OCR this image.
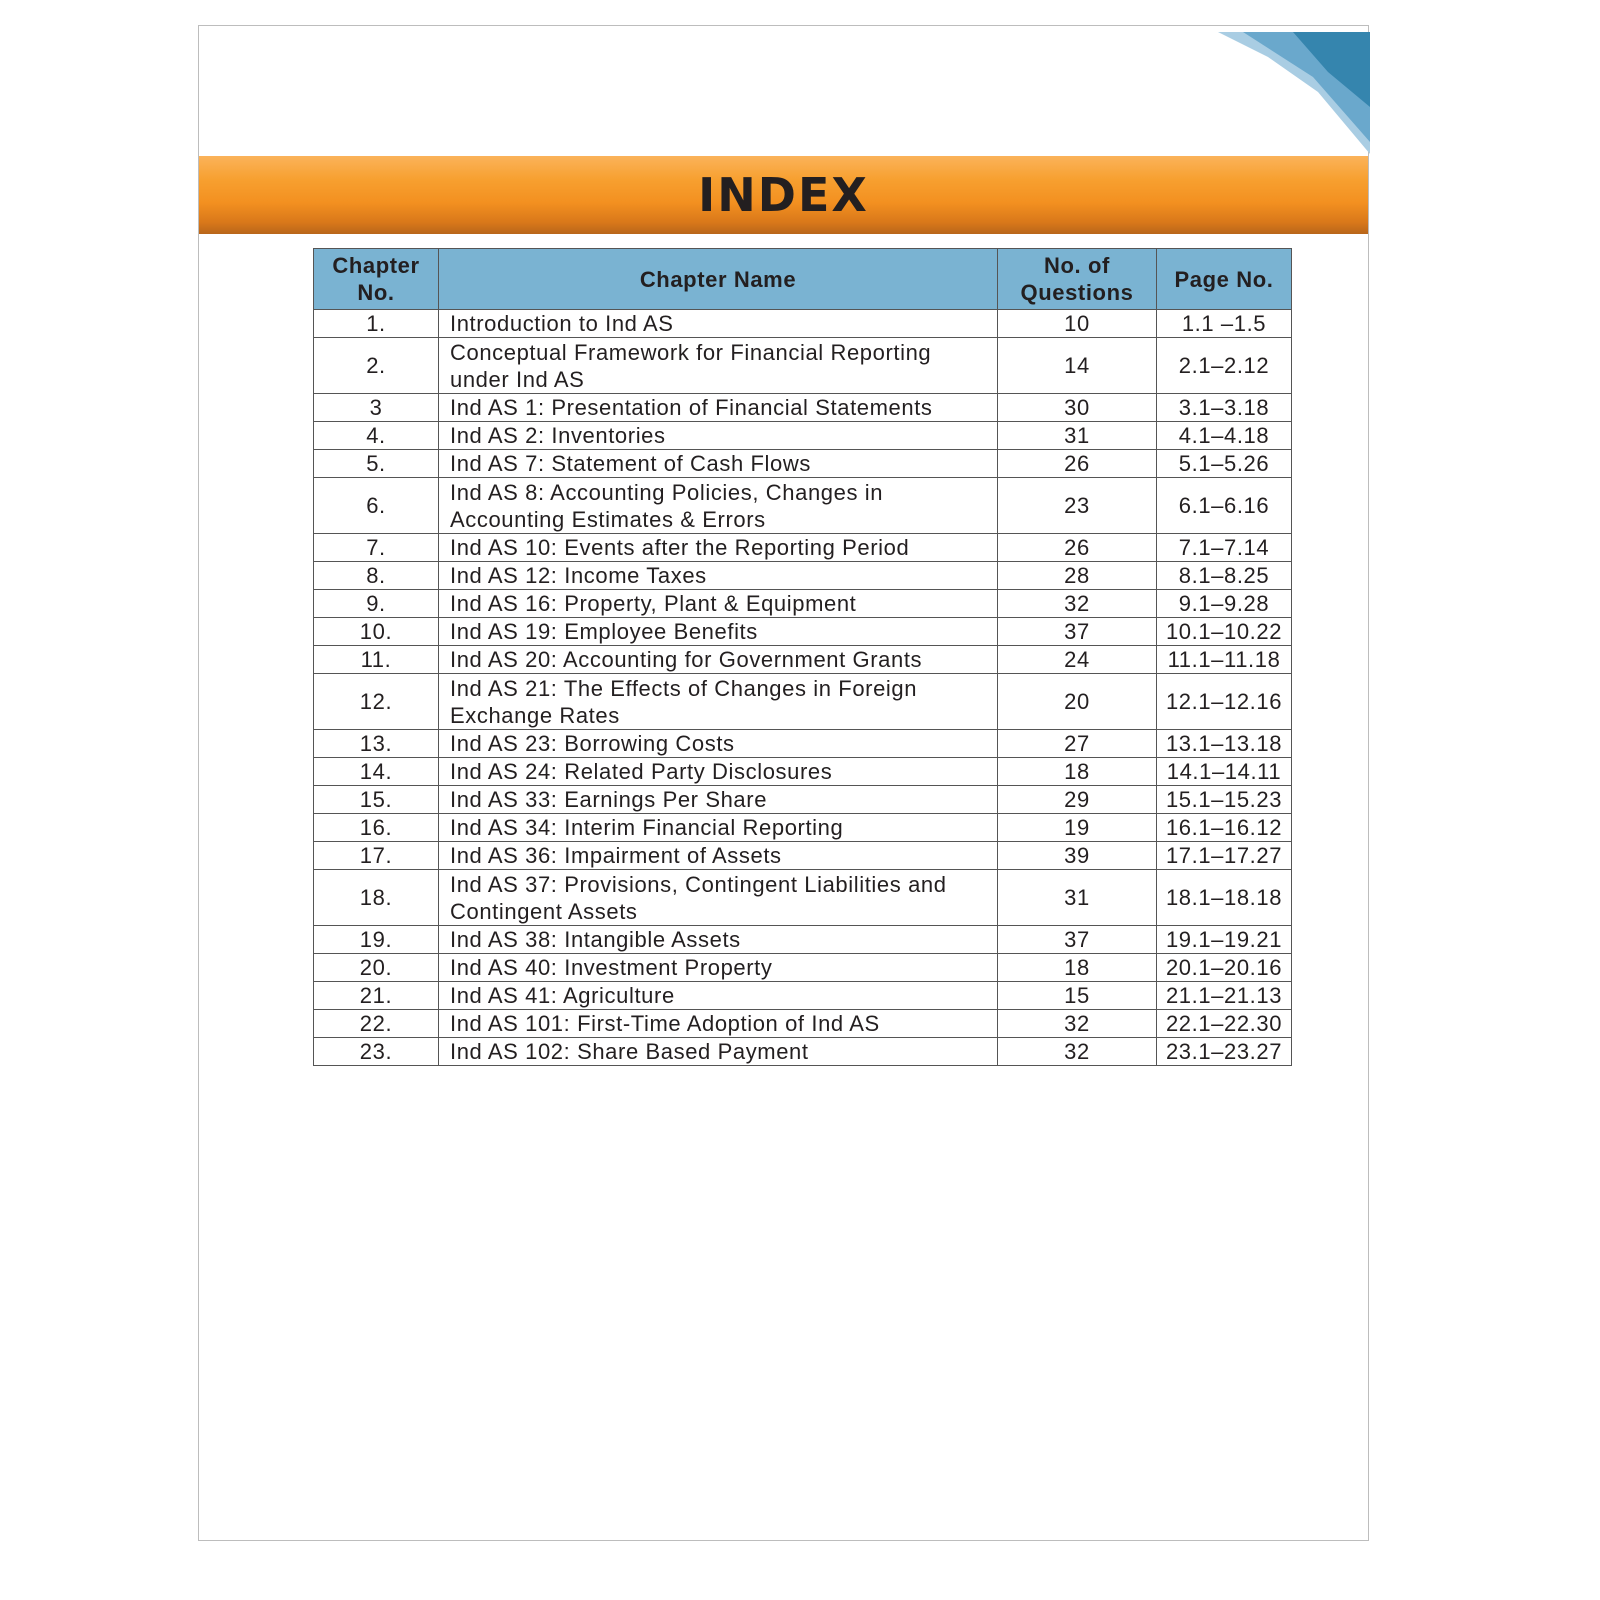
INDEX
Chapter No.	Chapter Name	No. of Questions	Page No.
1.	Introduction to Ind AS	10	1.1 –1.5
2.	Conceptual Framework for Financial Reporting under Ind AS	14	2.1–2.12
3	Ind AS 1: Presentation of Financial Statements	30	3.1–3.18
4.	Ind AS 2: Inventories	31	4.1–4.18
5.	Ind AS 7: Statement of Cash Flows	26	5.1–5.26
6.	Ind AS 8: Accounting Policies, Changes in Accounting Estimates & Errors	23	6.1–6.16
7.	Ind AS 10: Events after the Reporting Period	26	7.1–7.14
8.	Ind AS 12: Income Taxes	28	8.1–8.25
9.	Ind AS 16: Property, Plant & Equipment	32	9.1–9.28
10.	Ind AS 19: Employee Benefits	37	10.1–10.22
11.	Ind AS 20: Accounting for Government Grants	24	11.1–11.18
12.	Ind AS 21: The Effects of Changes in Foreign Exchange Rates	20	12.1–12.16
13.	Ind AS 23: Borrowing Costs	27	13.1–13.18
14.	Ind AS 24: Related Party Disclosures	18	14.1–14.11
15.	Ind AS 33: Earnings Per Share	29	15.1–15.23
16.	Ind AS 34: Interim Financial Reporting	19	16.1–16.12
17.	Ind AS 36: Impairment of Assets	39	17.1–17.27
18.	Ind AS 37: Provisions, Contingent Liabilities and Contingent Assets	31	18.1–18.18
19.	Ind AS 38: Intangible Assets	37	19.1–19.21
20.	Ind AS 40: Investment Property	18	20.1–20.16
21.	Ind AS 41: Agriculture	15	21.1–21.13
22.	Ind AS 101: First-Time Adoption of Ind AS	32	22.1–22.30
23.	Ind AS 102: Share Based Payment	32	23.1–23.27
